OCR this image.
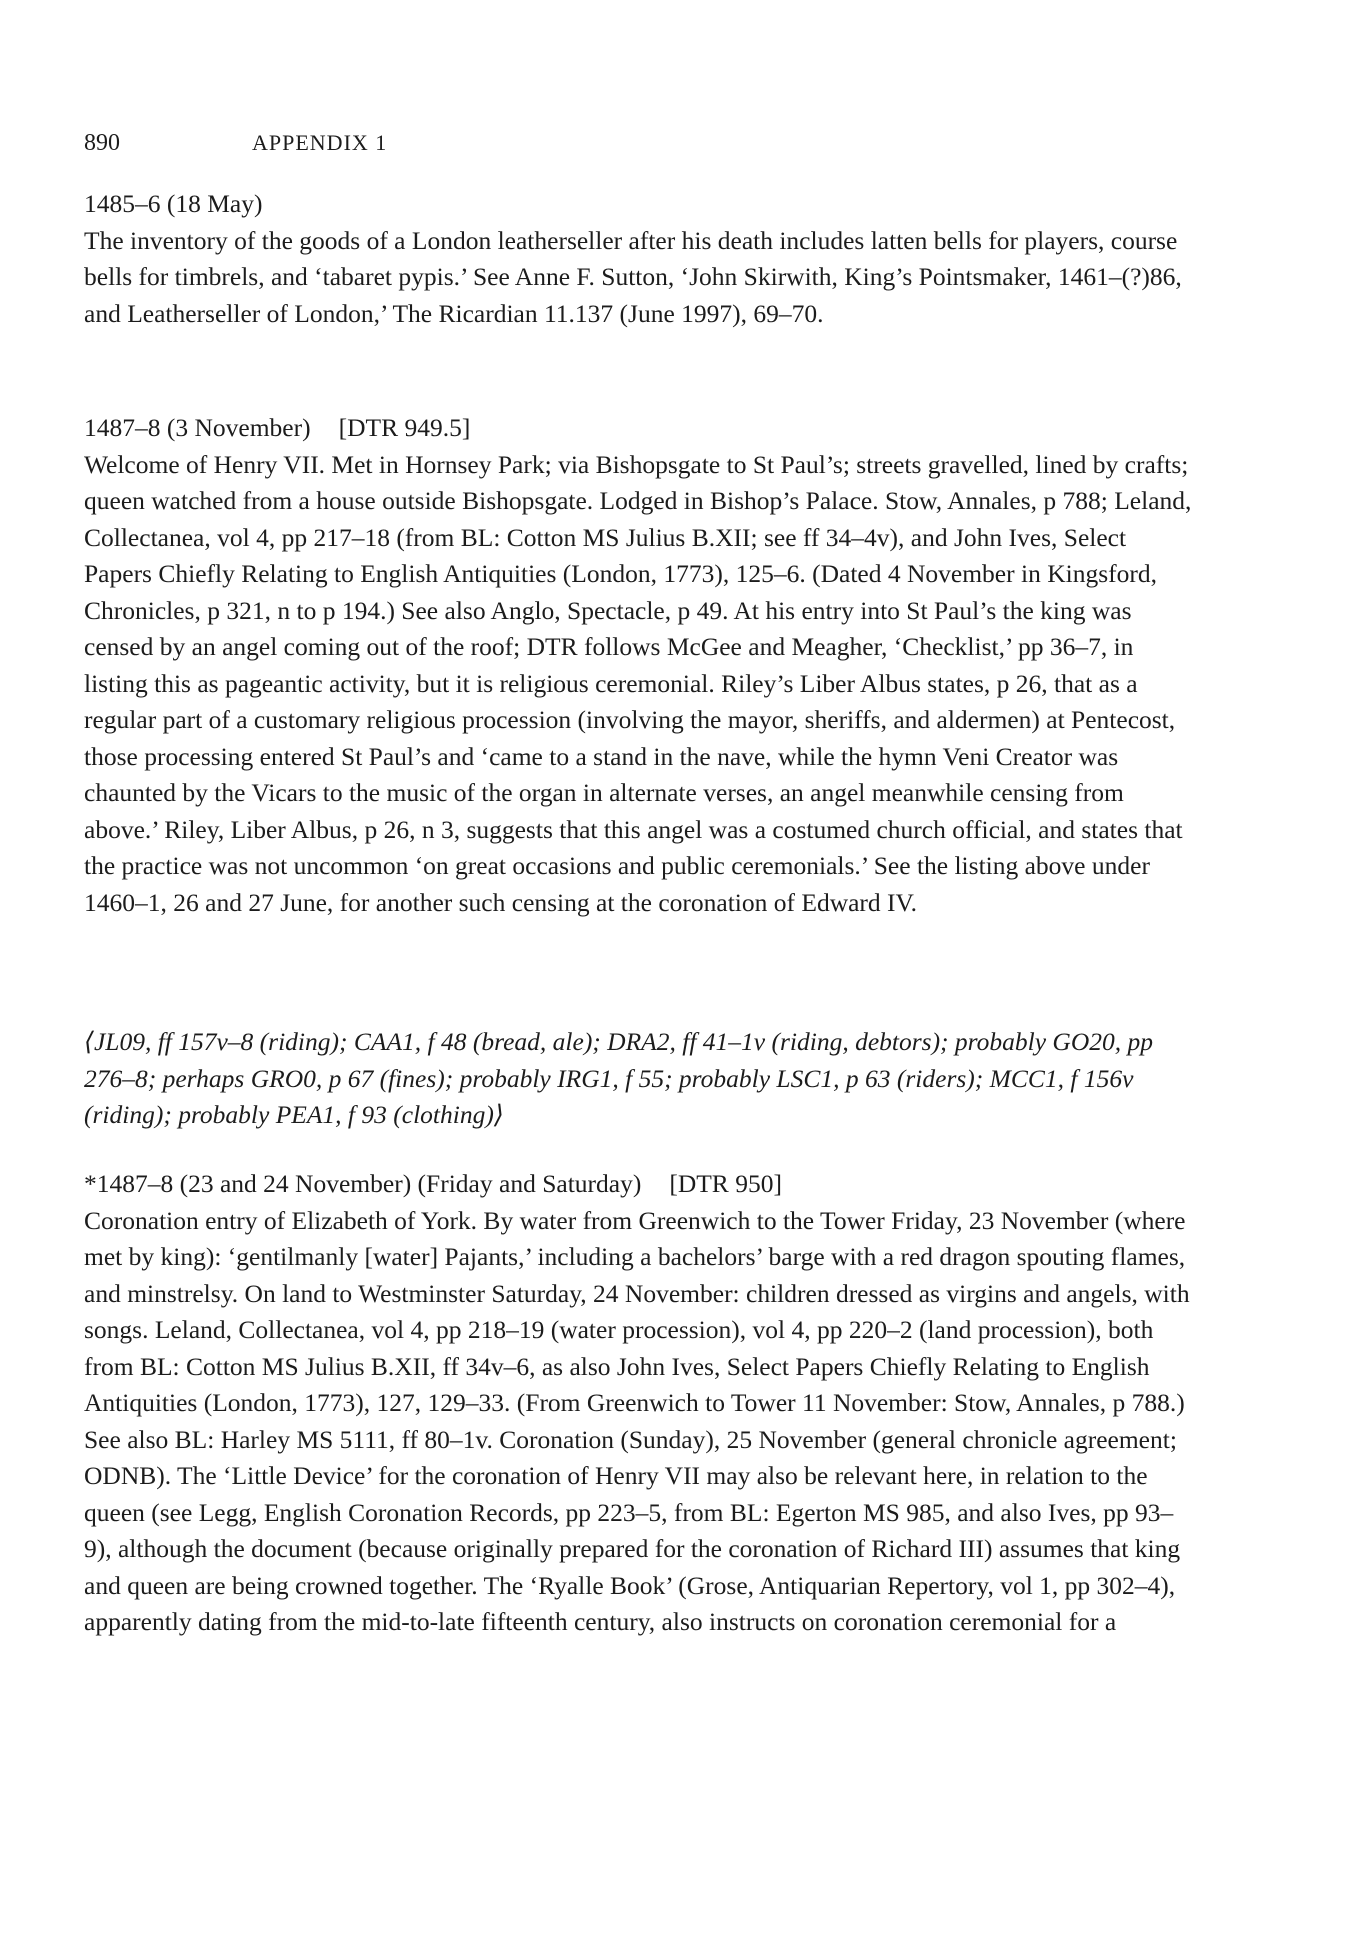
890	APPENDIX 1

1485–6 (18 May)

The inventory of the goods of a London leatherseller after his death includes latten bells for players, course bells for timbrels, and ‘tabaret pypis.’ See Anne F. Sutton, ‘John Skirwith, King’s Pointsmaker, 1461–(?)86, and Leatherseller of London,’ The Ricardian 11.137 (June 1997), 69–70.

1487–8 (3 November) [DTR 949.5]

Welcome of Henry VII. Met in Hornsey Park; via Bishopsgate to St Paul’s; streets gravelled, lined by crafts; queen watched from a house outside Bishopsgate. Lodged in Bishop’s Palace. Stow, Annales, p 788; Leland, Collectanea, vol 4, pp 217–18 (from BL: Cotton MS Julius B.XII; see ff 34–4v), and John Ives, Select Papers Chiefly Relating to English Antiquities (London, 1773), 125–6. (Dated 4 November in Kingsford, Chronicles, p 321, n to p 194.) See also Anglo, Spectacle, p 49. At his entry into St Paul’s the king was censed by an angel coming out of the roof; DTR follows McGee and Meagher, ‘Checklist,’ pp 36–7, in listing this as pageantic activity, but it is religious ceremonial. Riley’s Liber Albus states, p 26, that as a regular part of a customary religious procession (involving the mayor, sheriffs, and aldermen) at Pentecost, those processing entered St Paul’s and ‘came to a stand in the nave, while the hymn Veni Creator was chaunted by the Vicars to the music of the organ in alternate verses, an angel meanwhile censing from above.’ Riley, Liber Albus, p 26, n 3, suggests that this angel was a costumed church official, and states that the practice was not uncommon ‘on great occasions and public ceremonials.’ See the listing above under 1460–1, 26 and 27 June, for another such censing at the coronation of Edward IV.

⟨JL09, ff 157v–8 (riding); CAA1, f 48 (bread, ale); DRA2, ff 41–1v (riding, debtors); probably GO20, pp 276–8; perhaps GRO0, p 67 (fines); probably IRG1, f 55; probably LSC1, p 63 (riders); MCC1, f 156v (riding); probably PEA1, f 93 (clothing)⟩

*1487–8 (23 and 24 November) (Friday and Saturday) [DTR 950]

Coronation entry of Elizabeth of York. By water from Greenwich to the Tower Friday, 23 November (where met by king): ‘gentilmanly [water] Pajants,’ including a bachelors’ barge with a red dragon spouting flames, and minstrelsy. On land to Westminster Saturday, 24 November: children dressed as virgins and angels, with songs. Leland, Collectanea, vol 4, pp 218–19 (water procession), vol 4, pp 220–2 (land procession), both from BL: Cotton MS Julius B.XII, ff 34v–6, as also John Ives, Select Papers Chiefly Relating to English Antiquities (London, 1773), 127, 129–33. (From Greenwich to Tower 11 November: Stow, Annales, p 788.) See also BL: Harley MS 5111, ff 80–1v. Coronation (Sunday), 25 November (general chronicle agreement; ODNB). The ‘Little Device’ for the coronation of Henry VII may also be relevant here, in relation to the queen (see Legg, English Coronation Records, pp 223–5, from BL: Egerton MS 985, and also Ives, pp 93–9), although the document (because originally prepared for the coronation of Richard III) assumes that king and queen are being crowned together. The ‘Ryalle Book’ (Grose, Antiquarian Repertory, vol 1, pp 302–4), apparently dating from the mid-to-late fifteenth century, also instructs on coronation ceremonial for a
